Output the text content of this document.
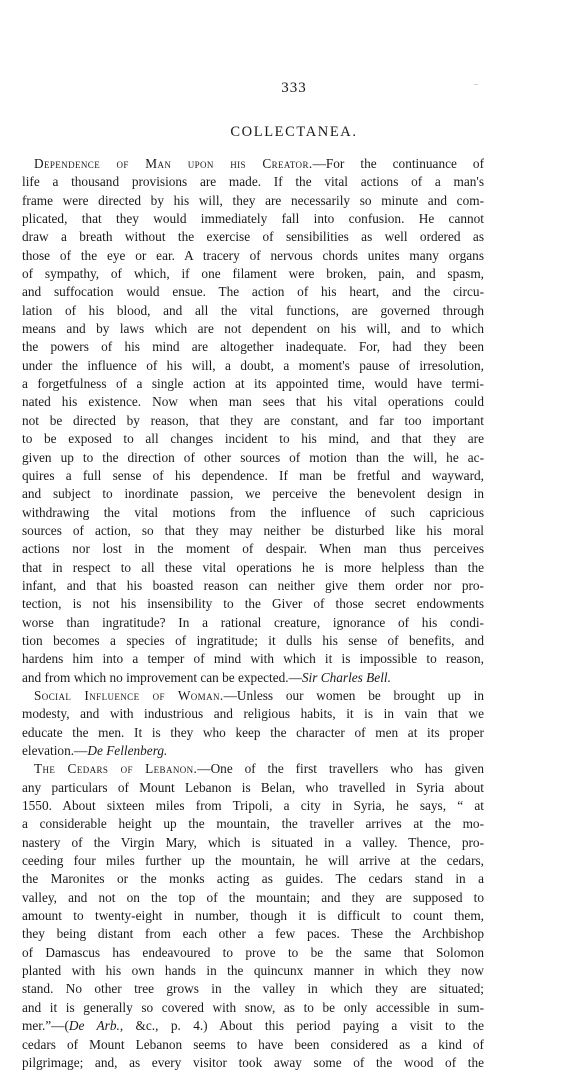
..
333
COLLECTANEA.
Dependence of Man upon his Creator.—For the continuance of
life a thousand provisions are made. If the vital actions of a man's
frame were directed by his will, they are necessarily so minute and com-
plicated, that they would immediately fall into confusion. He cannot
draw a breath without the exercise of sensibilities as well ordered as
those of the eye or ear. A tracery of nervous chords unites many organs
of sympathy, of which, if one filament were broken, pain, and spasm,
and suffocation would ensue. The action of his heart, and the circu-
lation of his blood, and all the vital functions, are governed through
means and by laws which are not dependent on his will, and to which
the powers of his mind are altogether inadequate. For, had they been
under the influence of his will, a doubt, a moment's pause of irresolution,
a forgetfulness of a single action at its appointed time, would have termi-
nated his existence. Now when man sees that his vital operations could
not be directed by reason, that they are constant, and far too important
to be exposed to all changes incident to his mind, and that they are
given up to the direction of other sources of motion than the will, he ac-
quires a full sense of his dependence. If man be fretful and wayward,
and subject to inordinate passion, we perceive the benevolent design in
withdrawing the vital motions from the influence of such capricious
sources of action, so that they may neither be disturbed like his moral
actions nor lost in the moment of despair. When man thus perceives
that in respect to all these vital operations he is more helpless than the
infant, and that his boasted reason can neither give them order nor pro-
tection, is not his insensibility to the Giver of those secret endowments
worse than ingratitude? In a rational creature, ignorance of his condi-
tion becomes a species of ingratitude; it dulls his sense of benefits, and
hardens him into a temper of mind with which it is impossible to reason,
and from which no improvement can be expected.—Sir Charles Bell.
Social Influence of Woman.—Unless our women be brought up in
modesty, and with industrious and religious habits, it is in vain that we
educate the men. It is they who keep the character of men at its proper
elevation.—De Fellenberg.
The Cedars of Lebanon.—One of the first travellers who has given
any particulars of Mount Lebanon is Belan, who travelled in Syria about
1550. About sixteen miles from Tripoli, a city in Syria, he says, “ at
a considerable height up the mountain, the traveller arrives at the mo-
nastery of the Virgin Mary, which is situated in a valley. Thence, pro-
ceeding four miles further up the mountain, he will arrive at the cedars,
the Maronites or the monks acting as guides. The cedars stand in a
valley, and not on the top of the mountain; and they are supposed to
amount to twenty-eight in number, though it is difficult to count them,
they being distant from each other a few paces. These the Archbishop
of Damascus has endeavoured to prove to be the same that Solomon
planted with his own hands in the quincunx manner in which they now
stand. No other tree grows in the valley in which they are situated;
and it is generally so covered with snow, as to be only accessible in sum-
mer.”—(De Arb., &c., p. 4.) About this period paying a visit to the
cedars of Mount Lebanon seems to have been considered as a kind of
pilgrimage; and, as every visitor took away some of the wood of the
